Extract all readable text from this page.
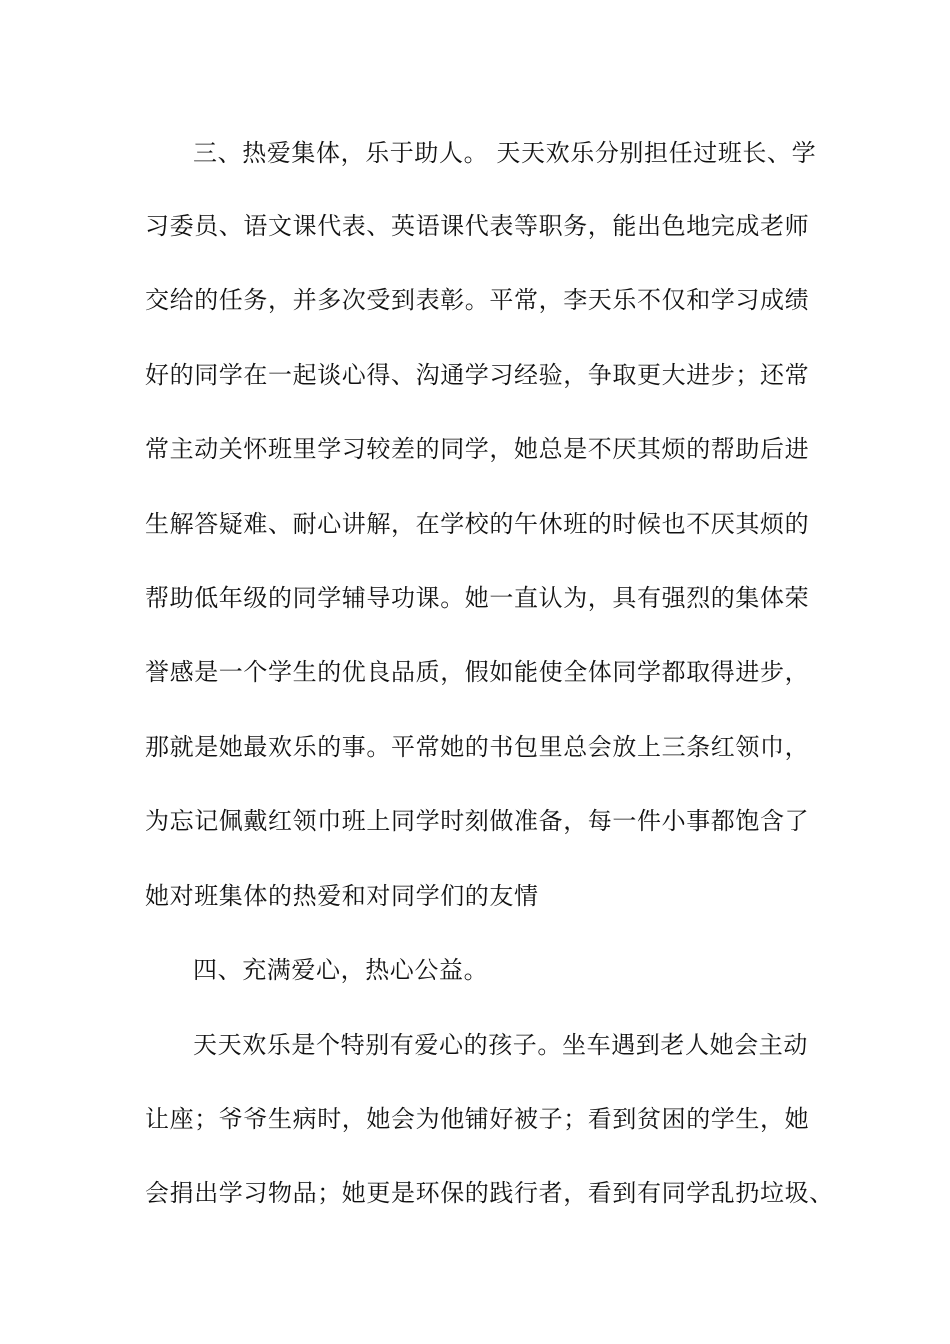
三、热爱集体，乐于助人。 天天欢乐分别担任过班长、学
习委员、语文课代表、英语课代表等职务，能出色地完成老师
交给的任务，并多次受到表彰。平常，李天乐不仅和学习成绩
好的同学在一起谈心得、沟通学习经验，争取更大进步；还常
常主动关怀班里学习较差的同学，她总是不厌其烦的帮助后进
生解答疑难、耐心讲解，在学校的午休班的时候也不厌其烦的
帮助低年级的同学辅导功课。她一直认为，具有强烈的集体荣
誉感是一个学生的优良品质，假如能使全体同学都取得进步，
那就是她最欢乐的事。平常她的书包里总会放上三条红领巾，
为忘记佩戴红领巾班上同学时刻做准备，每一件小事都饱含了
她对班集体的热爱和对同学们的友情
四、充满爱心，热心公益。
天天欢乐是个特别有爱心的孩子。坐车遇到老人她会主动
让座；爷爷生病时，她会为他铺好被子；看到贫困的学生，她
会捐出学习物品；她更是环保的践行者，看到有同学乱扔垃圾、
